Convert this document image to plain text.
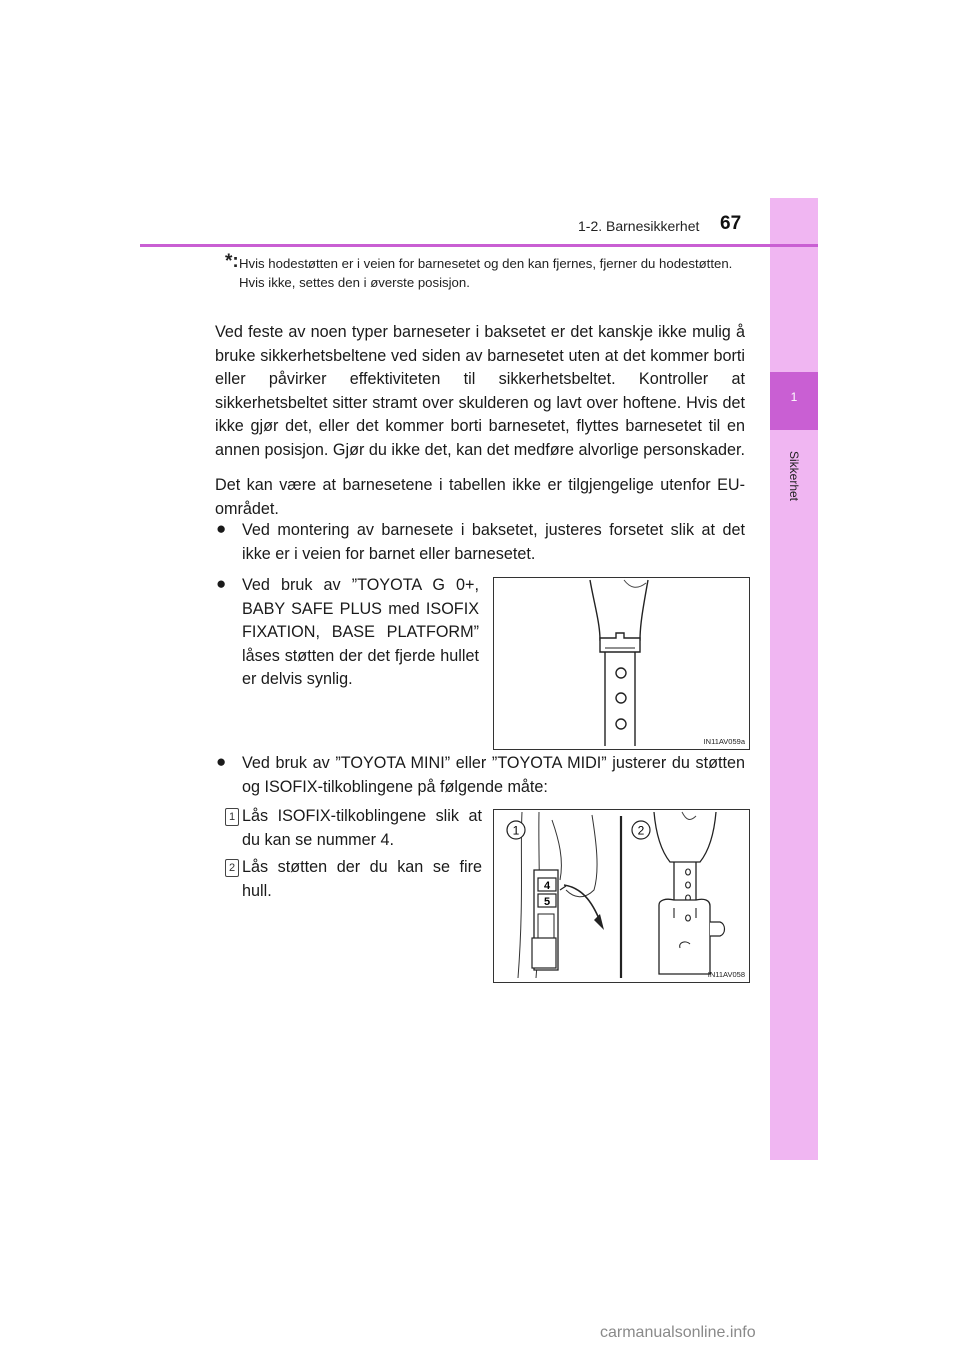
1
Sikkerhet
1-2. Barnesikkerhet 67
*: Hvis hodestøtten er i veien for barnesetet og den kan fjernes, fjerner du hodestøtten.
Hvis ikke, settes den i øverste posisjon.
Ved feste av noen typer barneseter i baksetet er det kanskje ikke mulig å bruke sikkerhetsbeltene ved siden av barnesetet uten at det kommer borti eller påvirker effektiviteten til sikkerhetsbeltet. Kontroller at sikkerhetsbeltet sitter stramt over skulderen og lavt over hoftene. Hvis det ikke gjør det, eller det kommer borti barnesetet, flyttes barnesetet til en annen posisjon. Gjør du ikke det, kan det medføre alvorlige personskader.
Det kan være at barnesetene i tabellen ikke er tilgjengelige utenfor EU-området.
● Ved montering av barnesete i baksetet, justeres forsetet slik at det ikke er i veien for barnet eller barnesetet.
● Ved bruk av ”TOYOTA G 0+, BABY SAFE PLUS med ISOFIX FIXATION, BASE PLATFORM” låses støtten der det fjerde hullet er delvis synlig.
IN11AV059a
● Ved bruk av ”TOYOTA MINI” eller ”TOYOTA MIDI” justerer du støtten og ISOFIX-tilkoblingene på følgende måte:
1 Lås ISOFIX-tilkoblingene slik at du kan se nummer 4.
2 Lås støtten der du kan se fire hull.	4
5
1	2
IN11AV058
carmanualsonline.info
